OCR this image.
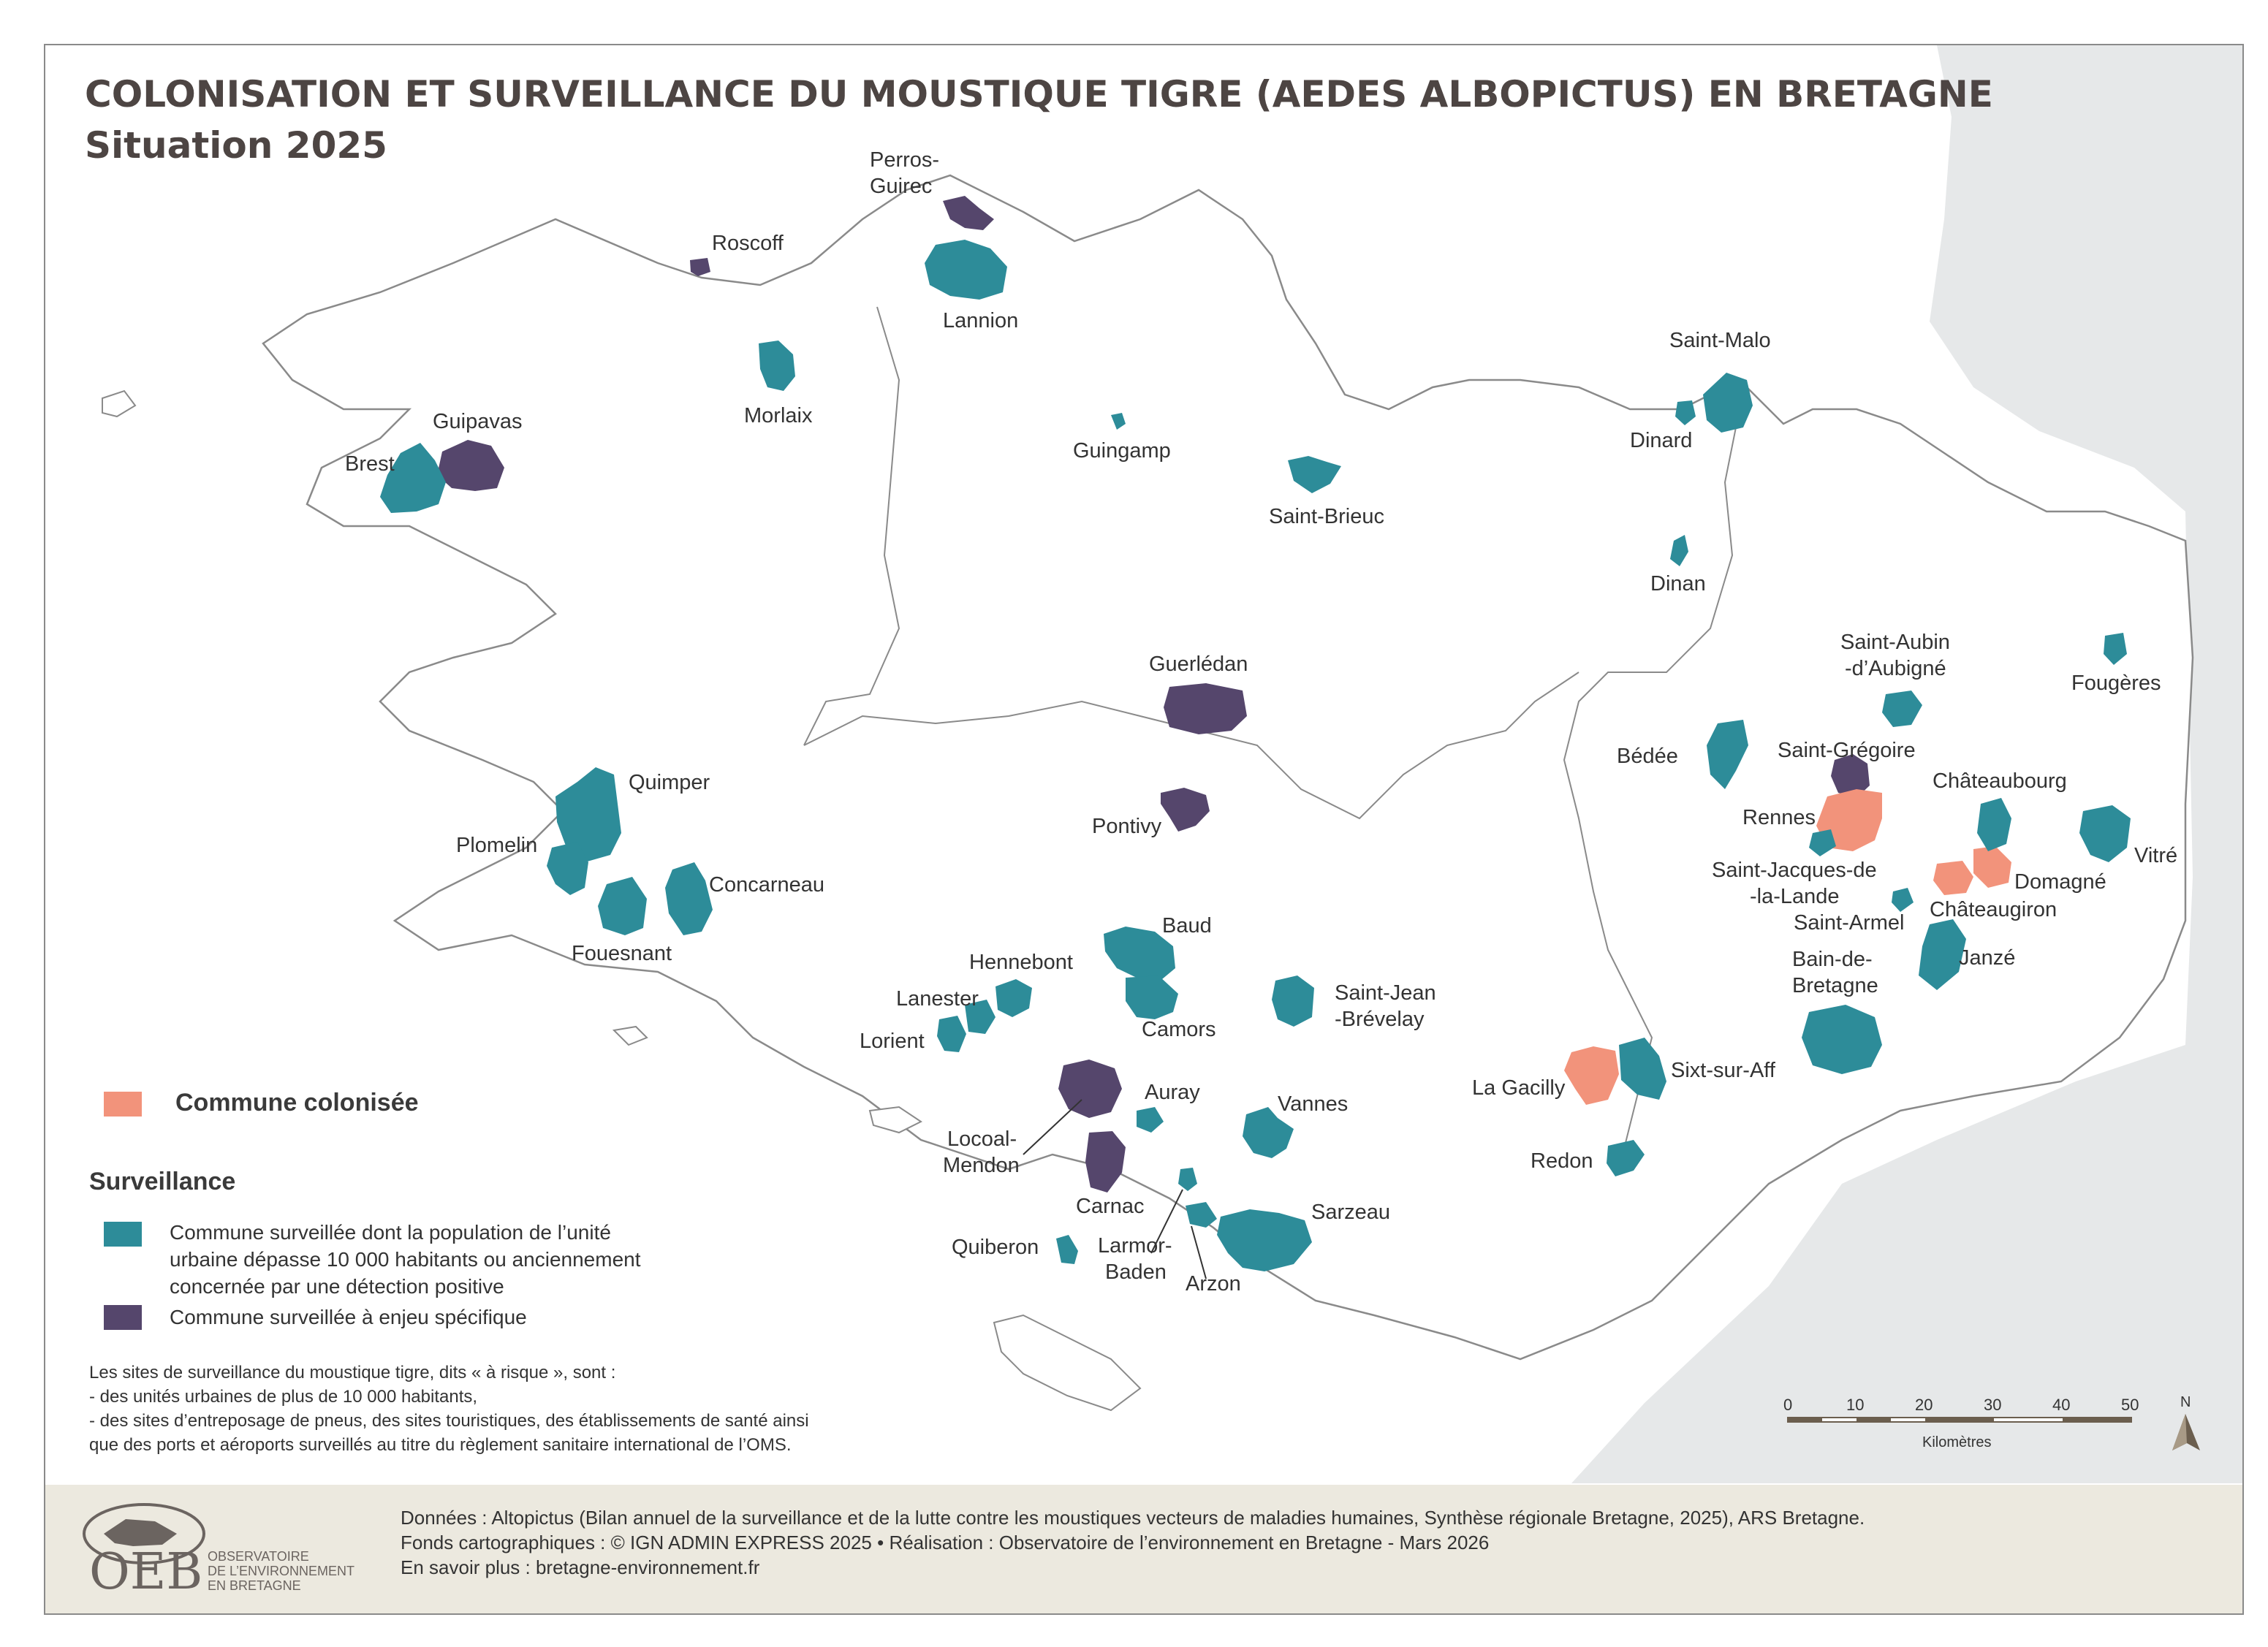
Perros-
Guirec
Roscoff
Lannion
Morlaix
Guipavas
Brest
Guingamp
Saint-Brieuc
Saint-Malo
Dinard
Dinan
Fougères
Saint-Aubin
-d’Aubigné
Guerlédan
Pontivy
Quimper
Plomelin
Concarneau
Fouesnant
Bédée	Saint-Grégoire
Rennes
Châteaubourg
Vitré
Saint-Jacques-de
-la-Lande
Domagné
Châteaugiron
Saint-Armel
Janzé
Bain-de-
Bretagne
Baud
Hennebont
Lanester
Lorient	Camors
Saint-Jean
-Brévelay
Sixt-sur-Aff
La Gacilly
Auray	Vannes
Locoal-
Mendon
Carnac
Redon
Sarzeau
Larmor-
Baden Arzon
Quiberon
0	10	20	30	40	50
Kilomètres
N
COLONISATION ET SURVEILLANCE DU MOUSTIQUE TIGRE (AEDES ALBOPICTUS) EN BRETAGNE
Situation 2025
Commune colonisée
Surveillance
Commune surveillée dont la population de l’unité
urbaine dépasse 10 000 habitants ou anciennement
concernée par une détection positive
Commune surveillée à enjeu spécifique
Les sites de surveillance du moustique tigre, dits « à risque », sont :
- des unités urbaines de plus de 10 000 habitants,
- des sites d’entreposage de pneus, des sites touristiques, des établissements de santé ainsi
que des ports et aéroports surveillés au titre du règlement sanitaire international de l’OMS.
OEB OBSERVATOIRE
DE L’ENVIRONNEMENT
EN BRETAGNE
Données : Altopictus (Bilan annuel de la surveillance et de la lutte contre les moustiques vecteurs de maladies humaines, Synthèse régionale Bretagne, 2025), ARS Bretagne.
Fonds cartographiques : © IGN ADMIN EXPRESS 2025 • Réalisation : Observatoire de l’environnement en Bretagne - Mars 2026
En savoir plus : bretagne-environnement.fr
